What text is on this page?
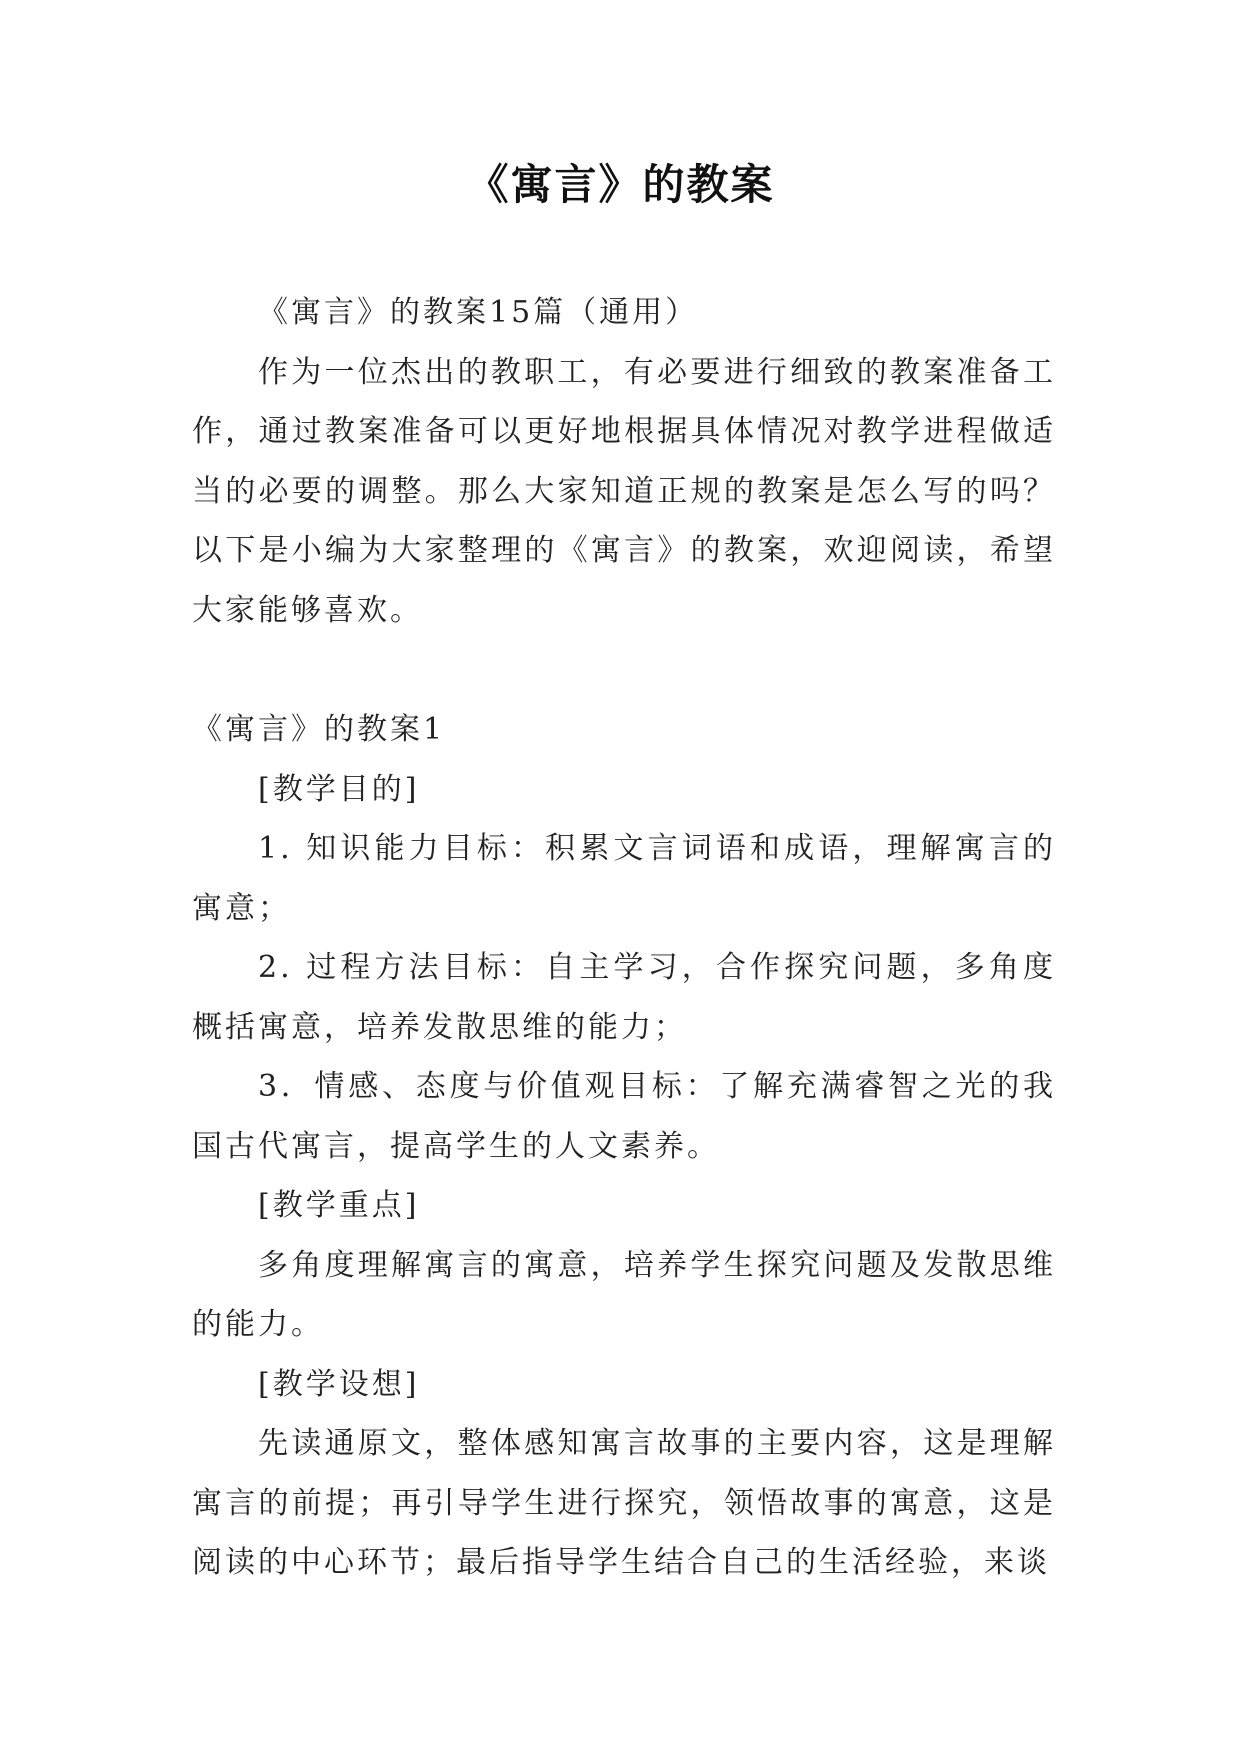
《寓言》的教案

《寓言》的教案15篇（通用）

作为一位杰出的教职工，有必要进行细致的教案准备工作，通过教案准备可以更好地根据具体情况对教学进程做适当的必要的调整。那么大家知道正规的教案是怎么写的吗？以下是小编为大家整理的《寓言》的教案，欢迎阅读，希望大家能够喜欢。

《寓言》的教案1

[教学目的]

1. 知识能力目标：积累文言词语和成语，理解寓言的寓意；

2. 过程方法目标：自主学习，合作探究问题，多角度概括寓意，培养发散思维的能力；

3．情感、态度与价值观目标：了解充满睿智之光的我国古代寓言，提高学生的人文素养。

[教学重点]

多角度理解寓言的寓意，培养学生探究问题及发散思维的能力。

[教学设想]

先读通原文，整体感知寓言故事的主要内容，这是理解寓言的前提；再引导学生进行探究，领悟故事的寓意，这是阅读的中心环节；最后指导学生结合自己的生活经验，来谈
